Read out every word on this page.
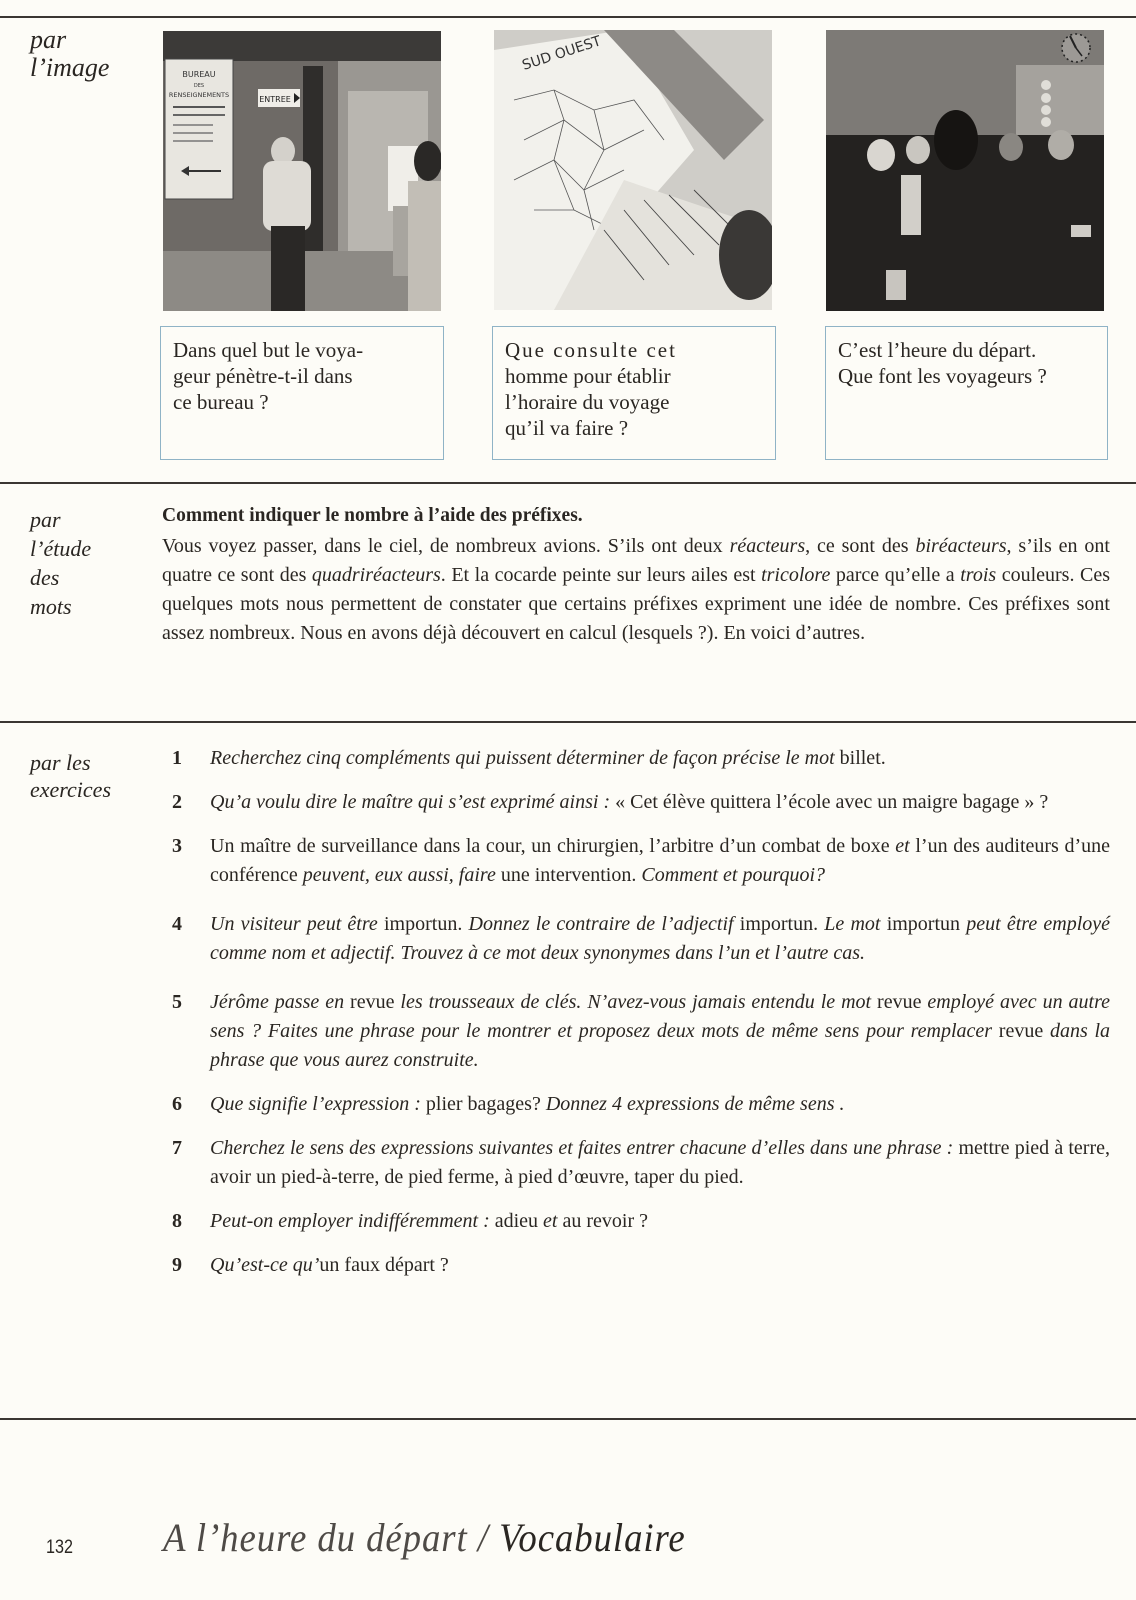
par
l’image	BUREAU
DES
RENSEIGNEMENTS	ENTREE
SUD OUEST
Dans quel but le voya-
geur pénètre-t-il dans
ce bureau ?
Que consulte cet
homme pour établir
l’horaire du voyage
qu’il va faire ?
C’est l’heure du départ.
Que font les voyageurs ?
par
l’étude
des
mots
Comment indiquer le nombre à l’aide des préfixes.

Vous voyez passer, dans le ciel, de nombreux avions. S’ils ont deux réacteurs, ce sont des biréacteurs, s’ils en ont quatre ce sont des quadriréacteurs. Et la cocarde peinte sur leurs ailes est tricolore parce qu’elle a trois couleurs. Ces quelques mots nous permettent de constater que certains préfixes expriment une idée de nombre. Ces préfixes sont assez nombreux. Nous en avons déjà découvert en calcul (lesquels ?). En voici d’autres.

par les
exercices
1 Recherchez cinq compléments qui puissent déterminer de façon précise le mot billet.
2 Qu’a voulu dire le maître qui s’est exprimé ainsi : « Cet élève quittera l’école avec un maigre bagage » ?
3 Un maître de surveillance dans la cour, un chirurgien, l’arbitre d’un combat de boxe et l’un des auditeurs d’une conférence peuvent, eux aussi, faire une intervention. Comment et pourquoi?
4 Un visiteur peut être importun. Donnez le contraire de l’adjectif importun. Le mot importun peut être employé comme nom et adjectif. Trouvez à ce mot deux synonymes dans l’un et l’autre cas.
5 Jérôme passe en revue les trousseaux de clés. N’avez-vous jamais entendu le mot revue employé avec un autre sens ? Faites une phrase pour le montrer et proposez deux mots de même sens pour remplacer revue dans la phrase que vous aurez construite.
6 Que signifie l’expression : plier bagages? Donnez 4 expressions de même sens .
7 Cherchez le sens des expressions suivantes et faites entrer chacune d’elles dans une phrase : mettre pied à terre, avoir un pied-à-terre, de pied ferme, à pied d’œuvre, taper du pied.
8 Peut-on employer indifféremment : adieu et au revoir ?
9 Qu’est-ce qu’un faux départ ?
132 A l’heure du départ / Vocabulaire
